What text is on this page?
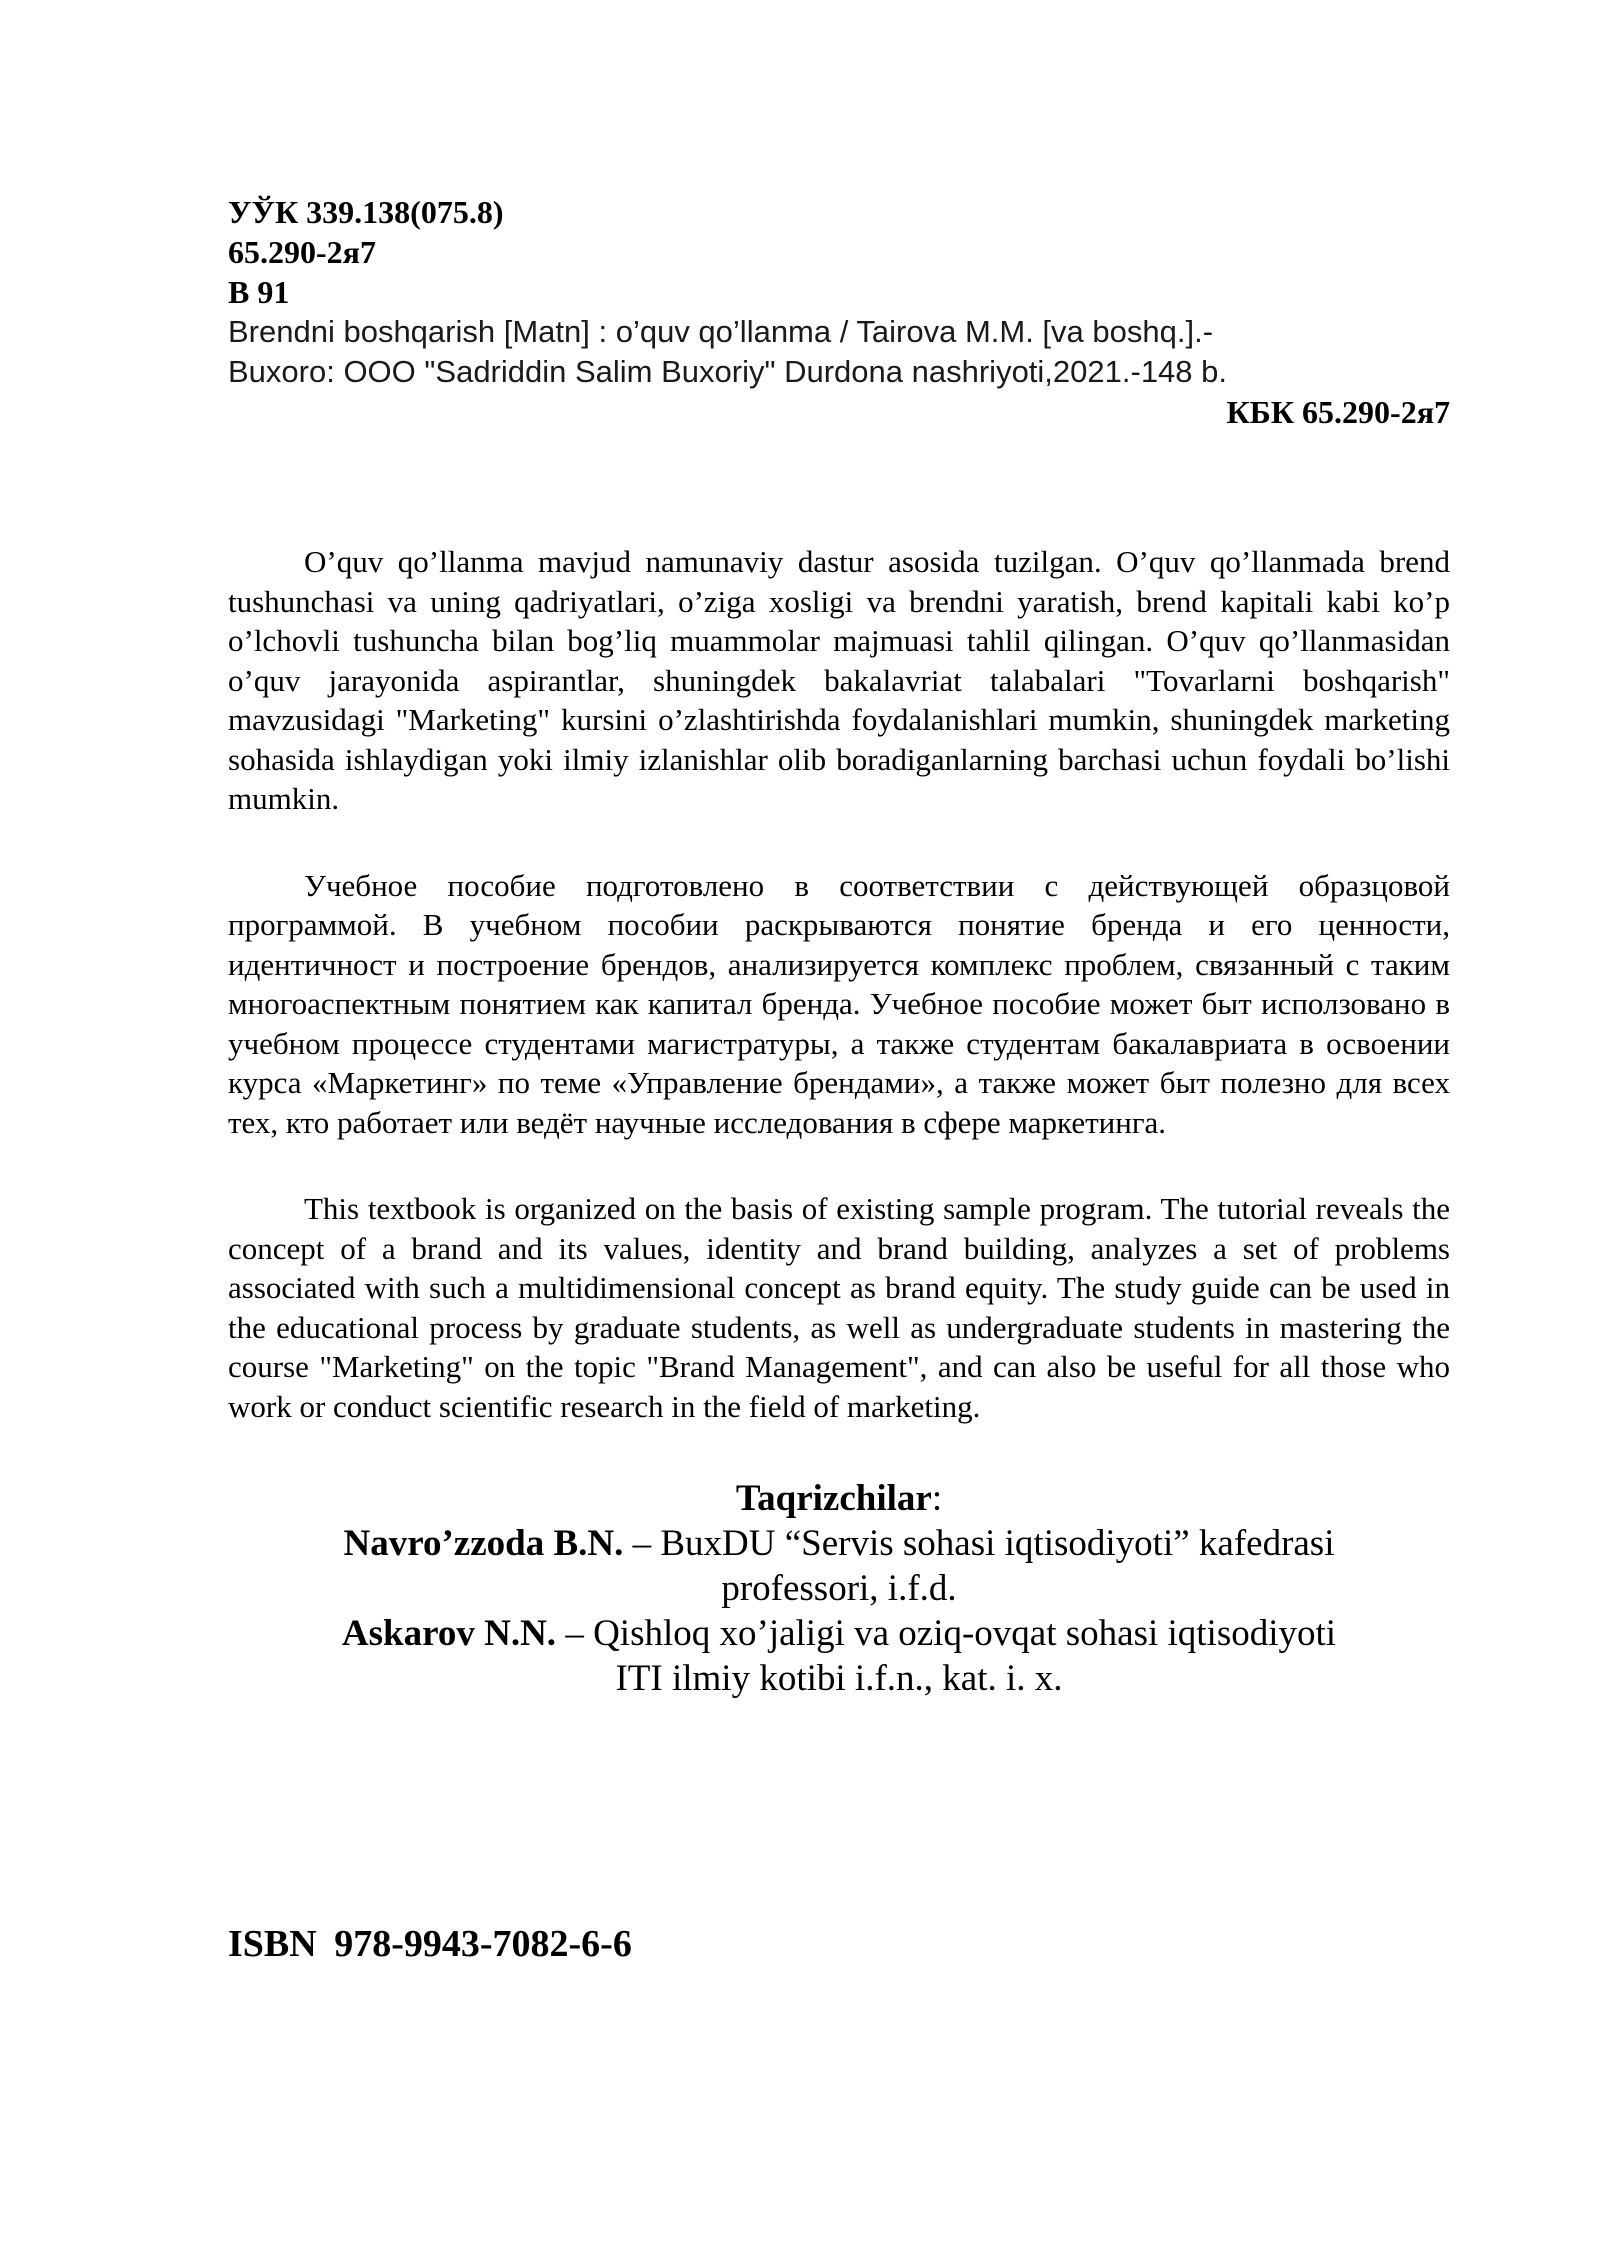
УЎК 339.138(075.8)

65.290-2я7

В 91

Brendni boshqarish [Matn] : o’quv qo’llanma / Tairova M.M. [va boshq.].-

Buxoro: OOO "Sadriddin Salim Buxoriy" Durdona nashriyoti,2021.-148 b.

КБК 65.290-2я7

O’quv qo’llanma mavjud namunaviy dastur asosida tuzilgan. O’quv qo’llanmada brend tushunchasi va uning qadriyatlari, o’ziga xosligi va brendni yaratish, brend kapitali kabi ko’p o’lchovli tushuncha bilan bog’liq muammolar majmuasi tahlil qilingan. O’quv qo’llanmasidan o’quv jarayonida aspirantlar, shuningdek bakalavriat talabalari "Tovarlarni boshqarish" mavzusidagi "Marketing" kursini o’zlashtirishda foydalanishlari mumkin, shuningdek marketing sohasida ishlaydigan yoki ilmiy izlanishlar olib boradiganlarning barchasi uchun foydali bo’lishi mumkin.

Учебное пособие подготовлено в соответствии с действующей образцовой программой. В учебном пособии раскрываются понятие бренда и его ценности, идентичност и построение брендов, анализируется комплекс проблем, связанный с таким многоаспектным понятием как капитал бренда. Учебное пособие может быт исползовано в учебном процессе студентами магистратуры, а также студентам бакалавриата в освоении курса «Маркетинг» по теме «Управление брендами», а также может быт полезно для всех тех, кто работает или ведёт научные исследования в сфере маркетинга.

This textbook is organized on the basis of existing sample program. The tutorial reveals the concept of a brand and its values, identity and brand building, analyzes a set of problems associated with such a multidimensional concept as brand equity. The study guide can be used in the educational process by graduate students, as well as undergraduate students in mastering the course "Marketing" on the topic "Brand Management", and can also be useful for all those who work or conduct scientific research in the field of marketing.

Taqrizchilar:

Navro’zzoda B.N. – BuxDU “Servis sohasi iqtisodiyoti” kafedrasi

professori, i.f.d.

Askarov N.N. – Qishloq xo’jaligi va oziq-ovqat sohasi iqtisodiyoti

ITI ilmiy kotibi i.f.n., kat. i. x.

ISBN 978-9943-7082-6-6
